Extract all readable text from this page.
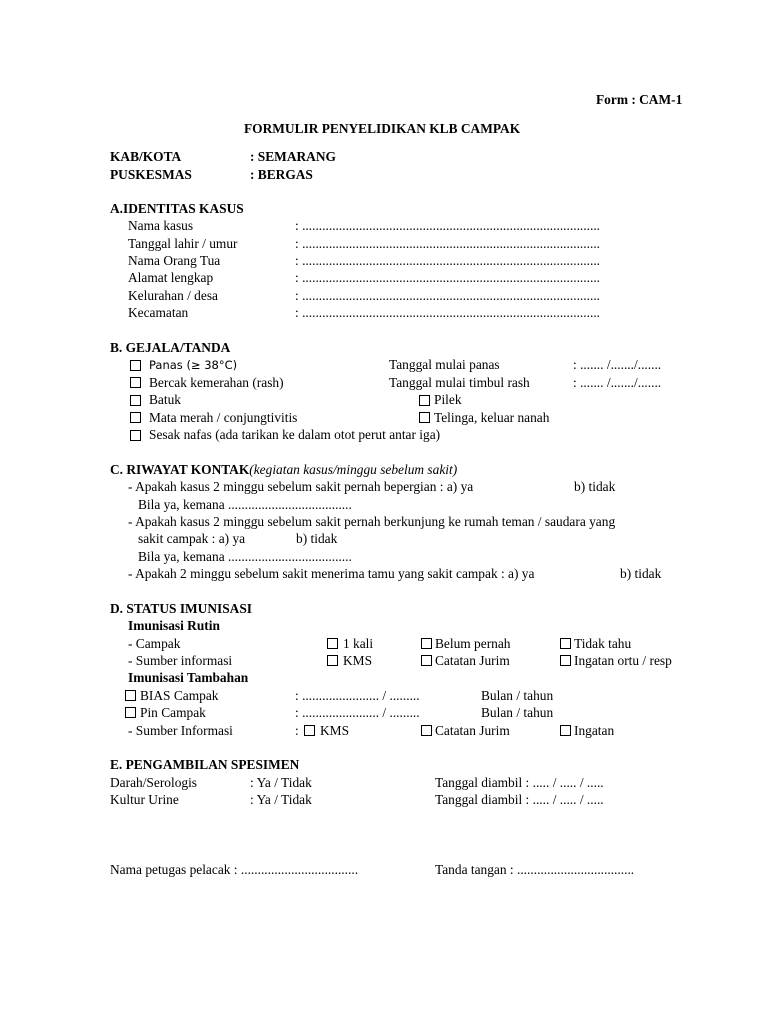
Form : CAM-1
FORMULIR PENYELIDIKAN KLB CAMPAK
KAB/KOTA	: SEMARANG
PUSKESMAS	: BERGAS
A.IDENTITAS KASUS
Nama kasus	: .........................................................................................
Tanggal lahir / umur	: .........................................................................................
Nama Orang Tua	: .........................................................................................
Alamat lengkap	: .........................................................................................
Kelurahan / desa	: .........................................................................................
Kecamatan	: .........................................................................................
B. GEJALA/TANDA
Panas (≥ 38°C)	Tanggal mulai panas	: ....... /......./.......
Bercak kemerahan (rash)	Tanggal mulai timbul rash	: ....... /......./.......
Batuk	Pilek
Mata merah / conjungtivitis	Telinga, keluar nanah
Sesak nafas (ada tarikan ke dalam otot perut antar iga)
C. RIWAYAT KONTAK(kegiatan kasus/minggu sebelum sakit)
- Apakah kasus 2 minggu sebelum sakit pernah bepergian : a) ya	b) tidak
Bila ya, kemana .....................................
- Apakah kasus 2 minggu sebelum sakit pernah berkunjung ke rumah teman / saudara yang
sakit campak : a) ya	b) tidak
Bila ya, kemana .....................................
- Apakah 2 minggu sebelum sakit menerima tamu yang sakit campak : a) ya	b) tidak
D. STATUS IMUNISASI
Imunisasi Rutin
- Campak	1 kali	Belum pernah	Tidak tahu
- Sumber informasi	KMS	Catatan Jurim	Ingatan ortu / resp
Imunisasi Tambahan
BIAS Campak	: ....................... / .........	Bulan / tahun
Pin Campak	: ....................... / .........	Bulan / tahun
- Sumber Informasi	: KMS	Catatan Jurim	Ingatan
E. PENGAMBILAN SPESIMEN
Darah/Serologis	: Ya / Tidak	Tanggal diambil : ..... / ..... / .....
Kultur Urine	: Ya / Tidak	Tanggal diambil : ..... / ..... / .....
Nama petugas pelacak : ...................................	Tanda tangan : ...................................
